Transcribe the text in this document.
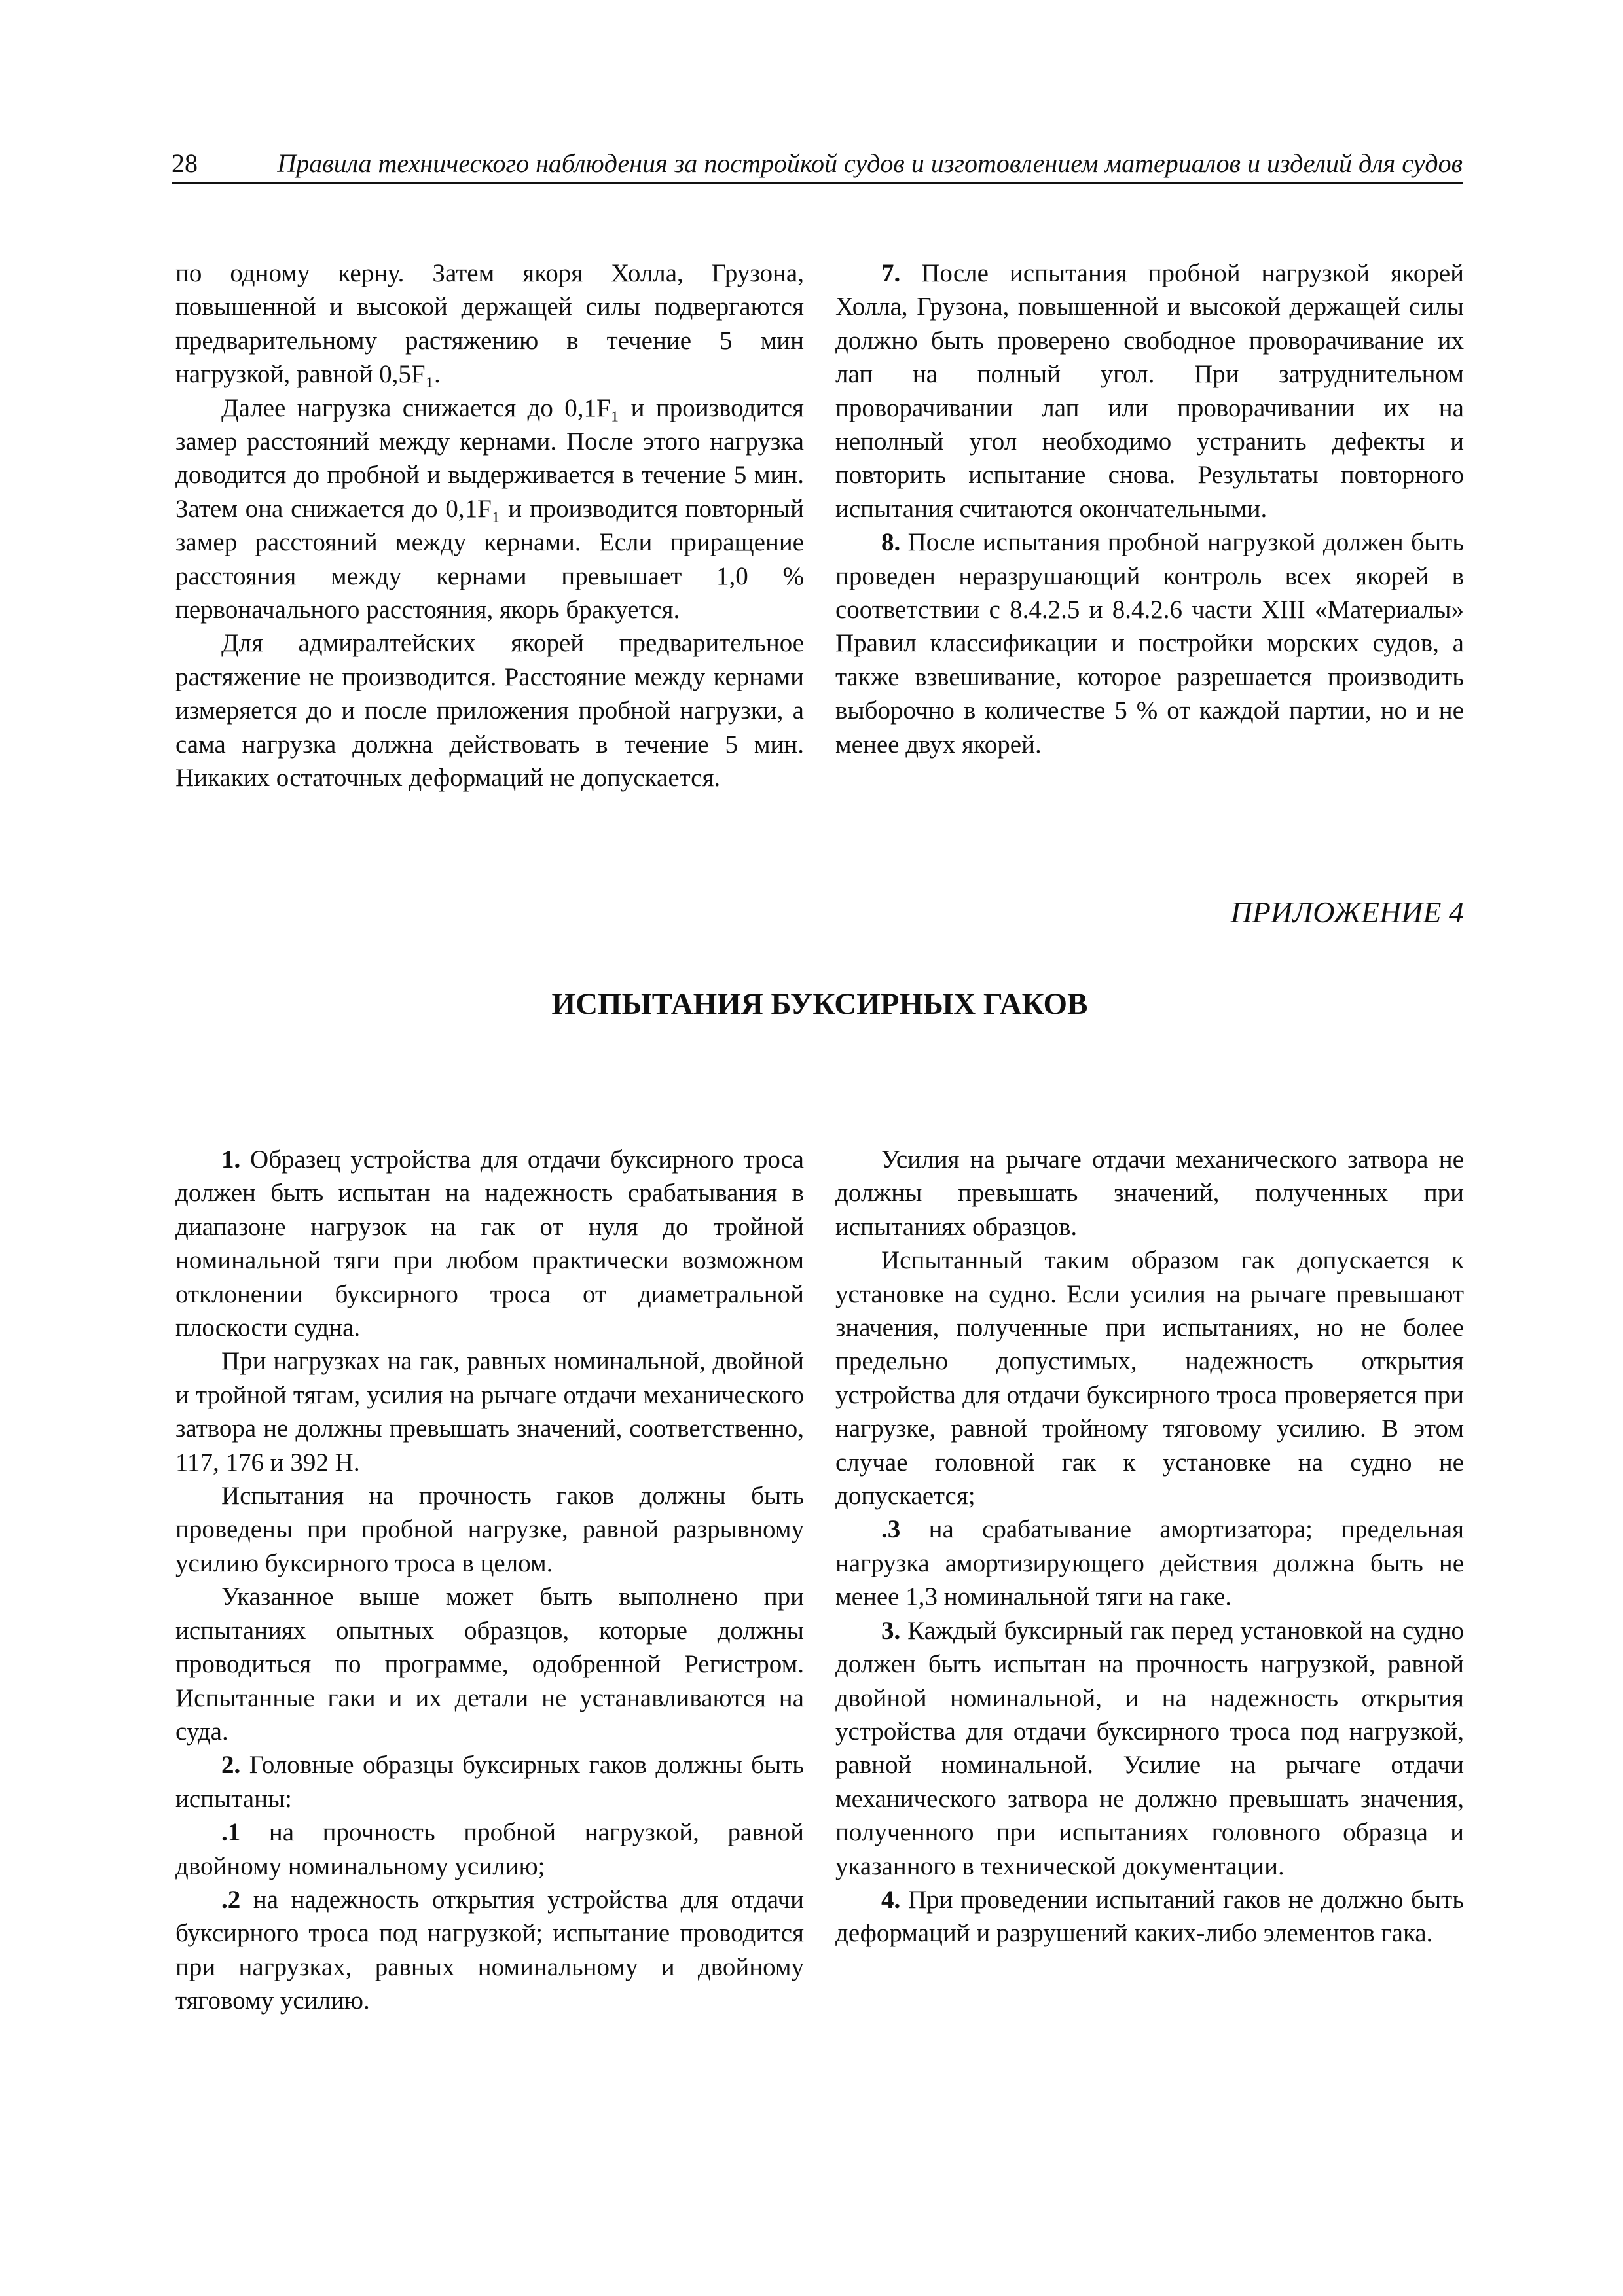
28	Правила технического наблюдения за постройкой судов и изготовлением материалов и изделий для судов

по одному керну. Затем якоря Холла, Грузона, повышенной и высокой держащей силы подвергаются предварительному растяжению в течение 5 мин нагрузкой, равной 0,5F₁.

Далее нагрузка снижается до 0,1F₁ и производится замер расстояний между кернами. После этого нагрузка доводится до пробной и выдерживается в течение 5 мин. Затем она снижается до 0,1F₁ и производится повторный замер расстояний между кернами. Если приращение расстояния между кернами превышает 1,0 % первоначального расстояния, якорь бракуется.

Для адмиралтейских якорей предварительное растяжение не производится. Расстояние между кернами измеряется до и после приложения пробной нагрузки, а сама нагрузка должна действовать в течение 5 мин. Никаких остаточных деформаций не допускается.

7. После испытания пробной нагрузкой якорей Холла, Грузона, повышенной и высокой держащей силы должно быть проверено свободное проворачивание их лап на полный угол. При затруднительном проворачивании лап или проворачивании их на неполный угол необходимо устранить дефекты и повторить испытание снова. Результаты повторного испытания считаются окончательными.

8. После испытания пробной нагрузкой должен быть проведен неразрушающий контроль всех якорей в соответствии с 8.4.2.5 и 8.4.2.6 части XIII «Материалы» Правил классификации и постройки морских судов, а также взвешивание, которое разрешается производить выборочно в количестве 5 % от каждой партии, но и не менее двух якорей.

ПРИЛОЖЕНИЕ 4
ИСПЫТАНИЯ БУКСИРНЫХ ГАКОВ

1. Образец устройства для отдачи буксирного троса должен быть испытан на надежность срабатывания в диапазоне нагрузок на гак от нуля до тройной номинальной тяги при любом практически возможном отклонении буксирного троса от диаметральной плоскости судна.

При нагрузках на гак, равных номинальной, двойной и тройной тягам, усилия на рычаге отдачи механического затвора не должны превышать значений, соответственно, 117, 176 и 392 Н.

Испытания на прочность гаков должны быть проведены при пробной нагрузке, равной разрывному усилию буксирного троса в целом.

Указанное выше может быть выполнено при испытаниях опытных образцов, которые должны проводиться по программе, одобренной Регистром. Испытанные гаки и их детали не устанавливаются на суда.

2. Головные образцы буксирных гаков должны быть испытаны:

.1 на прочность пробной нагрузкой, равной двойному номинальному усилию;

.2 на надежность открытия устройства для отдачи буксирного троса под нагрузкой; испытание проводится при нагрузках, равных номинальному и двойному тяговому усилию.

Усилия на рычаге отдачи механического затвора не должны превышать значений, полученных при испытаниях образцов.

Испытанный таким образом гак допускается к установке на судно. Если усилия на рычаге превышают значения, полученные при испытаниях, но не более предельно допустимых, надежность открытия устройства для отдачи буксирного троса проверяется при нагрузке, равной тройному тяговому усилию. В этом случае головной гак к установке на судно не допускается;

.3 на срабатывание амортизатора; предельная нагрузка амортизирующего действия должна быть не менее 1,3 номинальной тяги на гаке.

3. Каждый буксирный гак перед установкой на судно должен быть испытан на прочность нагрузкой, равной двойной номинальной, и на надежность открытия устройства для отдачи буксирного троса под нагрузкой, равной номинальной. Усилие на рычаге отдачи механического затвора не должно превышать значения, полученного при испытаниях головного образца и указанного в технической документации.

4. При проведении испытаний гаков не должно быть деформаций и разрушений каких-либо элементов гака.
